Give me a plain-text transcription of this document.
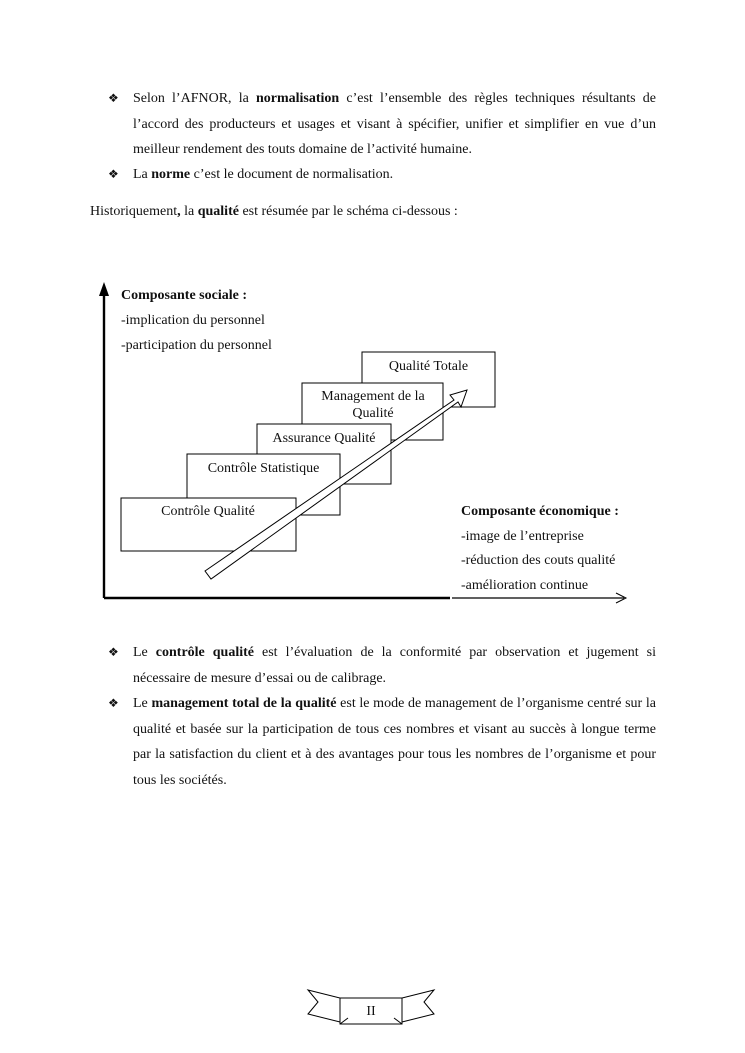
❖	Selon l’AFNOR, la normalisation c’est l’ensemble des règles techniques résultants de l’accord des producteurs et usages et visant à spécifier, unifier et simplifier en vue d’un meilleur rendement des touts domaine de l’activité humaine.
❖	La norme c’est le document de normalisation.
Historiquement, la qualité est résumée par le schéma ci-dessous :
Composante sociale :
-implication du personnel
-participation du personnel
Contrôle Qualité
Contrôle Statistique
Assurance Qualité
Management de la Qualité
Qualité Totale
Composante économique :
-image de l’entreprise
-réduction des couts qualité
-amélioration continue
❖	Le contrôle qualité est l’évaluation de la conformité par observation et jugement si nécessaire de mesure d’essai ou de calibrage.
❖	Le management total de la qualité est le mode de management de l’organisme centré sur la qualité et basée sur la participation de tous ces nombres et visant au succès à longue terme par la satisfaction du client et à des avantages pour tous les nombres de l’organisme et pour tous les sociétés.
II
